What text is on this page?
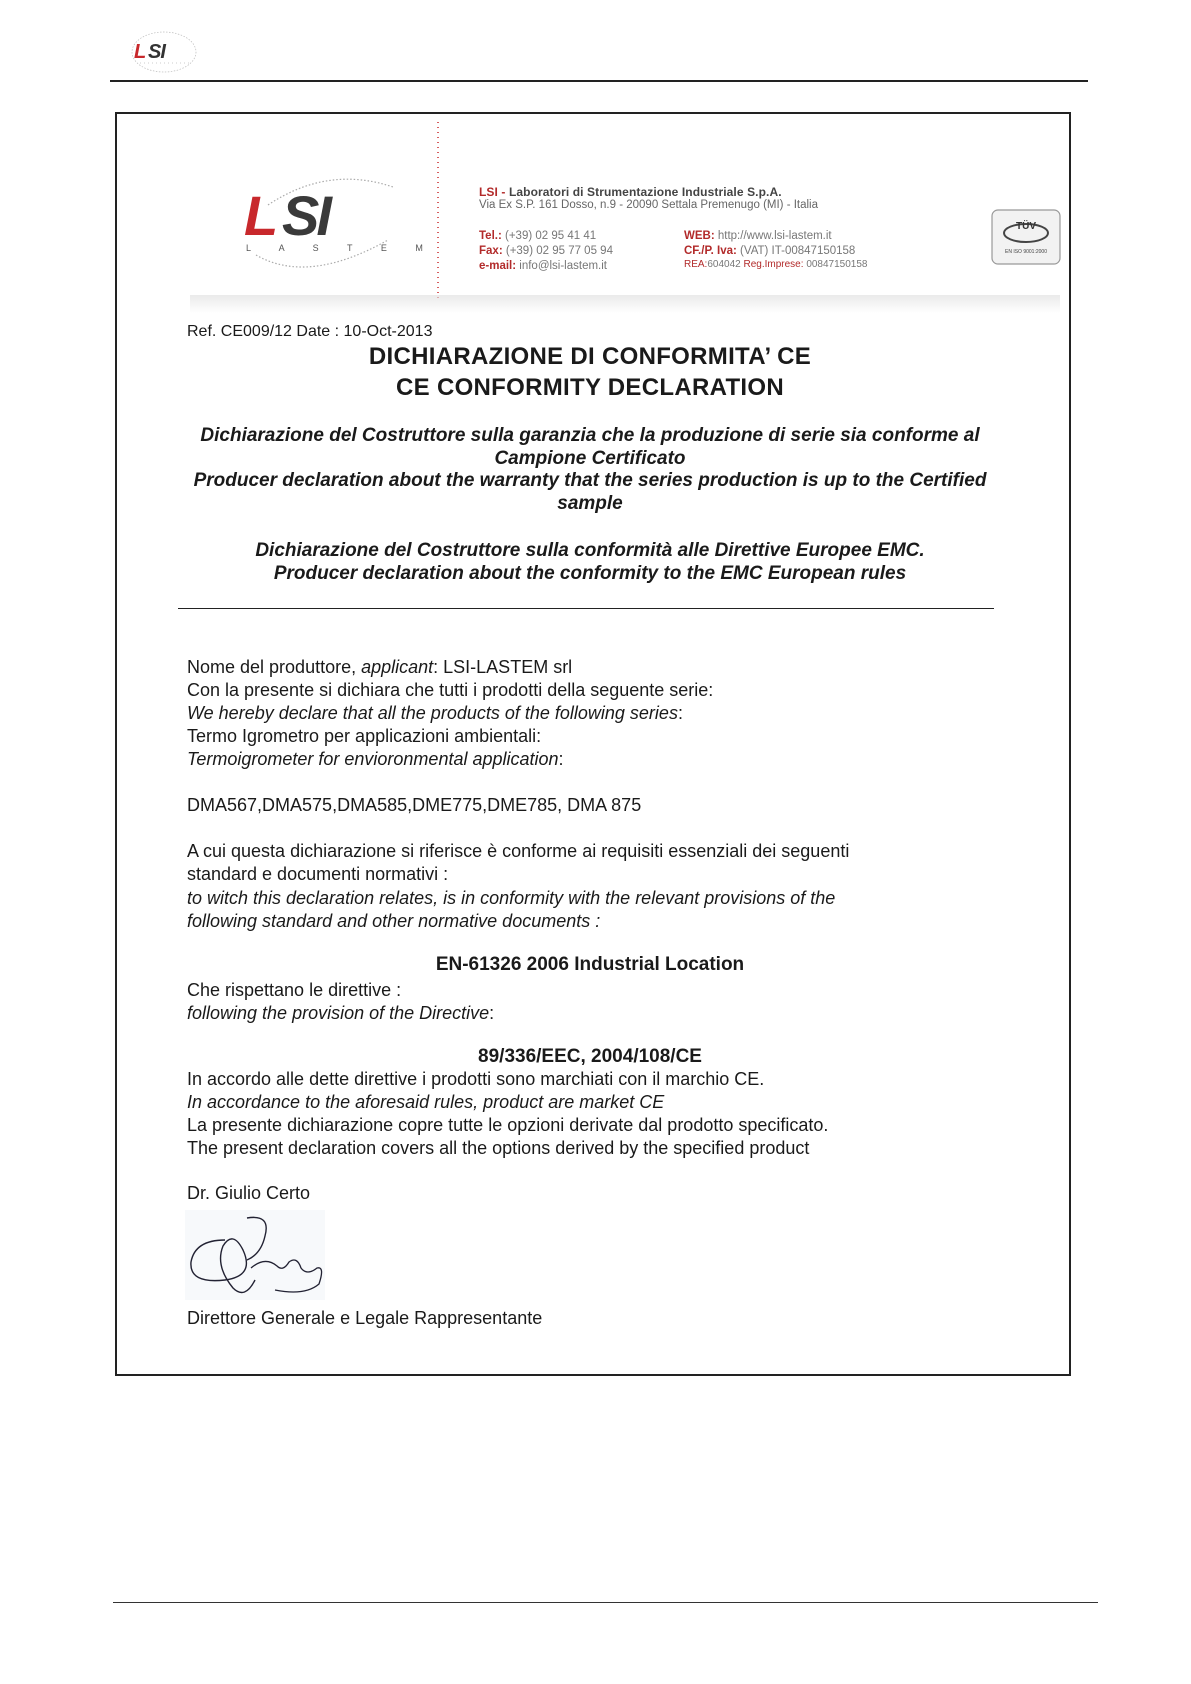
L SI
L SI
L A S T E M
LSI - Laboratori di Strumentazione Industriale S.p.A.
Via Ex S.P. 161 Dosso, n.9 - 20090 Settala Premenugo (MI) - Italia
Tel.: (+39) 02 95 41 41
Fax: (+39) 02 95 77 05 94
e-mail: info@lsi-lastem.it
WEB: http://www.lsi-lastem.it
CF./P. Iva: (VAT) IT-00847150158
REA:604042 Reg.Imprese: 00847150158
TÜV
EN ISO 9001:2000
Ref. CE009/12 Date : 10-Oct-2013
DICHIARAZIONE DI CONFORMITA’ CE
CE CONFORMITY DECLARATION
Dichiarazione del Costruttore sulla garanzia che la produzione di serie sia conforme al Campione Certificato
Producer declaration about the warranty that the series production is up to the Certified sample
Dichiarazione del Costruttore sulla conformità alle Direttive Europee EMC.
Producer declaration about the conformity to the EMC European rules
Nome del produttore, applicant: LSI-LASTEM srl
Con la presente si dichiara che tutti i prodotti della seguente serie:
We hereby declare that all the products of the following series:
Termo Igrometro per applicazioni ambientali:
Termoigrometer for envioronmental application:
DMA567,DMA575,DMA585,DME775,DME785, DMA 875
A cui questa dichiarazione si riferisce è conforme ai requisiti essenziali dei seguenti
standard e documenti normativi :
to witch this declaration relates, is in conformity with the relevant provisions of the
following standard and other normative documents :
EN-61326 2006 Industrial Location
Che rispettano le direttive :
following the provision of the Directive:
89/336/EEC, 2004/108/CE
In accordo alle dette direttive i prodotti sono marchiati con il marchio CE.
In accordance to the aforesaid rules, product are market CE
La presente dichiarazione copre tutte le opzioni derivate dal prodotto specificato.
The present declaration covers all the options derived by the specified product
Dr. Giulio Certo
Direttore Generale e Legale Rappresentante
